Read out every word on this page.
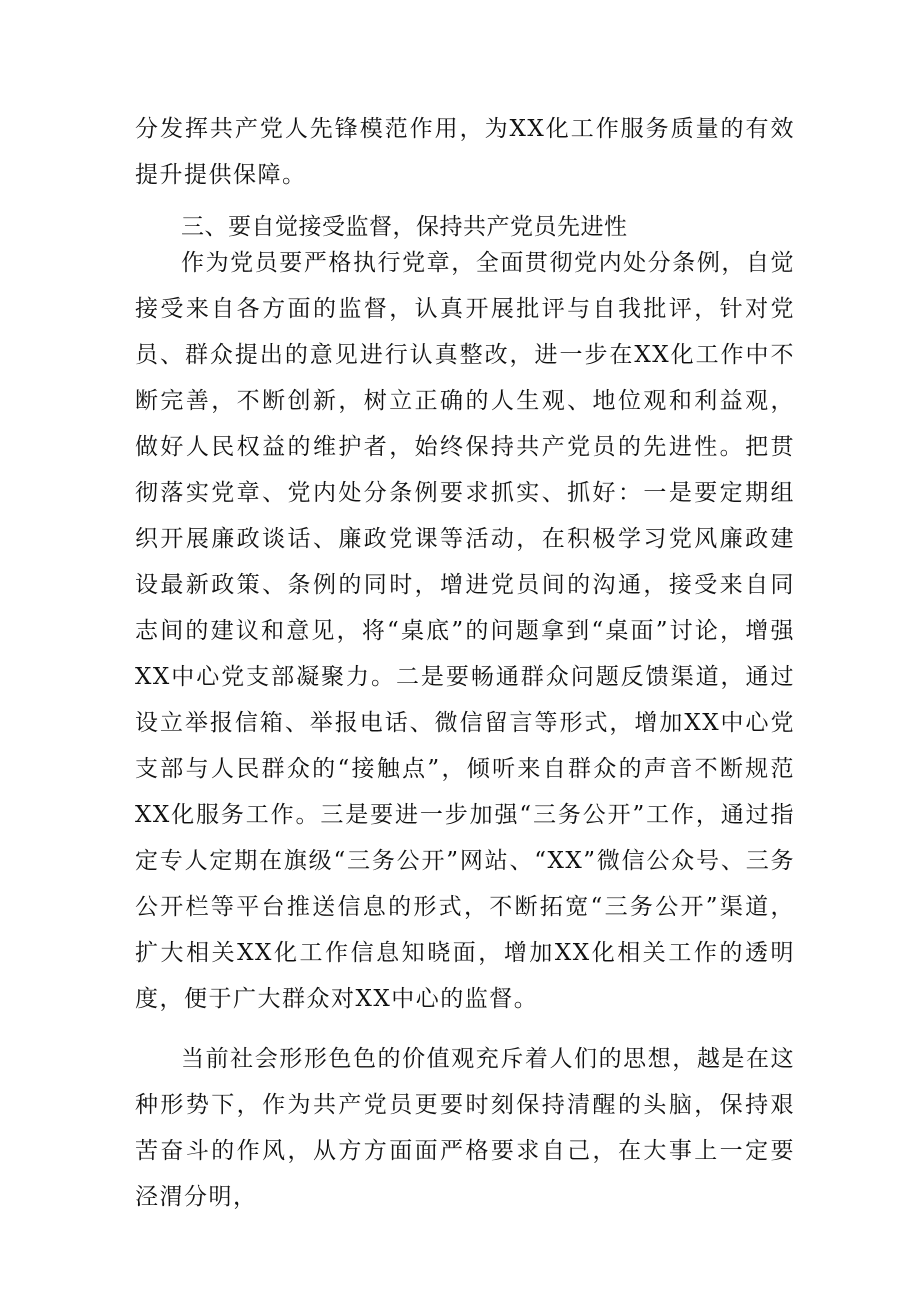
分发挥共产党人先锋模范作用，为XX化工作服务质量的有效提升提供保障。

三、要自觉接受监督，保持共产党员先进性

作为党员要严格执行党章，全面贯彻党内处分条例，自觉接受来自各方面的监督，认真开展批评与自我批评，针对党员、群众提出的意见进行认真整改，进一步在XX化工作中不断完善，不断创新，树立正确的人生观、地位观和利益观，做好人民权益的维护者，始终保持共产党员的先进性。把贯彻落实党章、党内处分条例要求抓实、抓好：一是要定期组织开展廉政谈话、廉政党课等活动，在积极学习党风廉政建设最新政策、条例的同时，增进党员间的沟通，接受来自同志间的建议和意见，将“桌底”的问题拿到“桌面”讨论，增强XX中心党支部凝聚力。二是要畅通群众问题反馈渠道，通过设立举报信箱、举报电话、微信留言等形式，增加XX中心党支部与人民群众的“接触点”，倾听来自群众的声音不断规范XX化服务工作。三是要进一步加强“三务公开”工作，通过指定专人定期在旗级“三务公开”网站、“XX”微信公众号、三务公开栏等平台推送信息的形式，不断拓宽“三务公开”渠道，扩大相关XX化工作信息知晓面，增加XX化相关工作的透明度，便于广大群众对XX中心的监督。

当前社会形形色色的价值观充斥着人们的思想，越是在这种形势下，作为共产党员更要时刻保持清醒的头脑，保持艰苦奋斗的作风，从方方面面严格要求自己，在大事上一定要泾渭分明，
